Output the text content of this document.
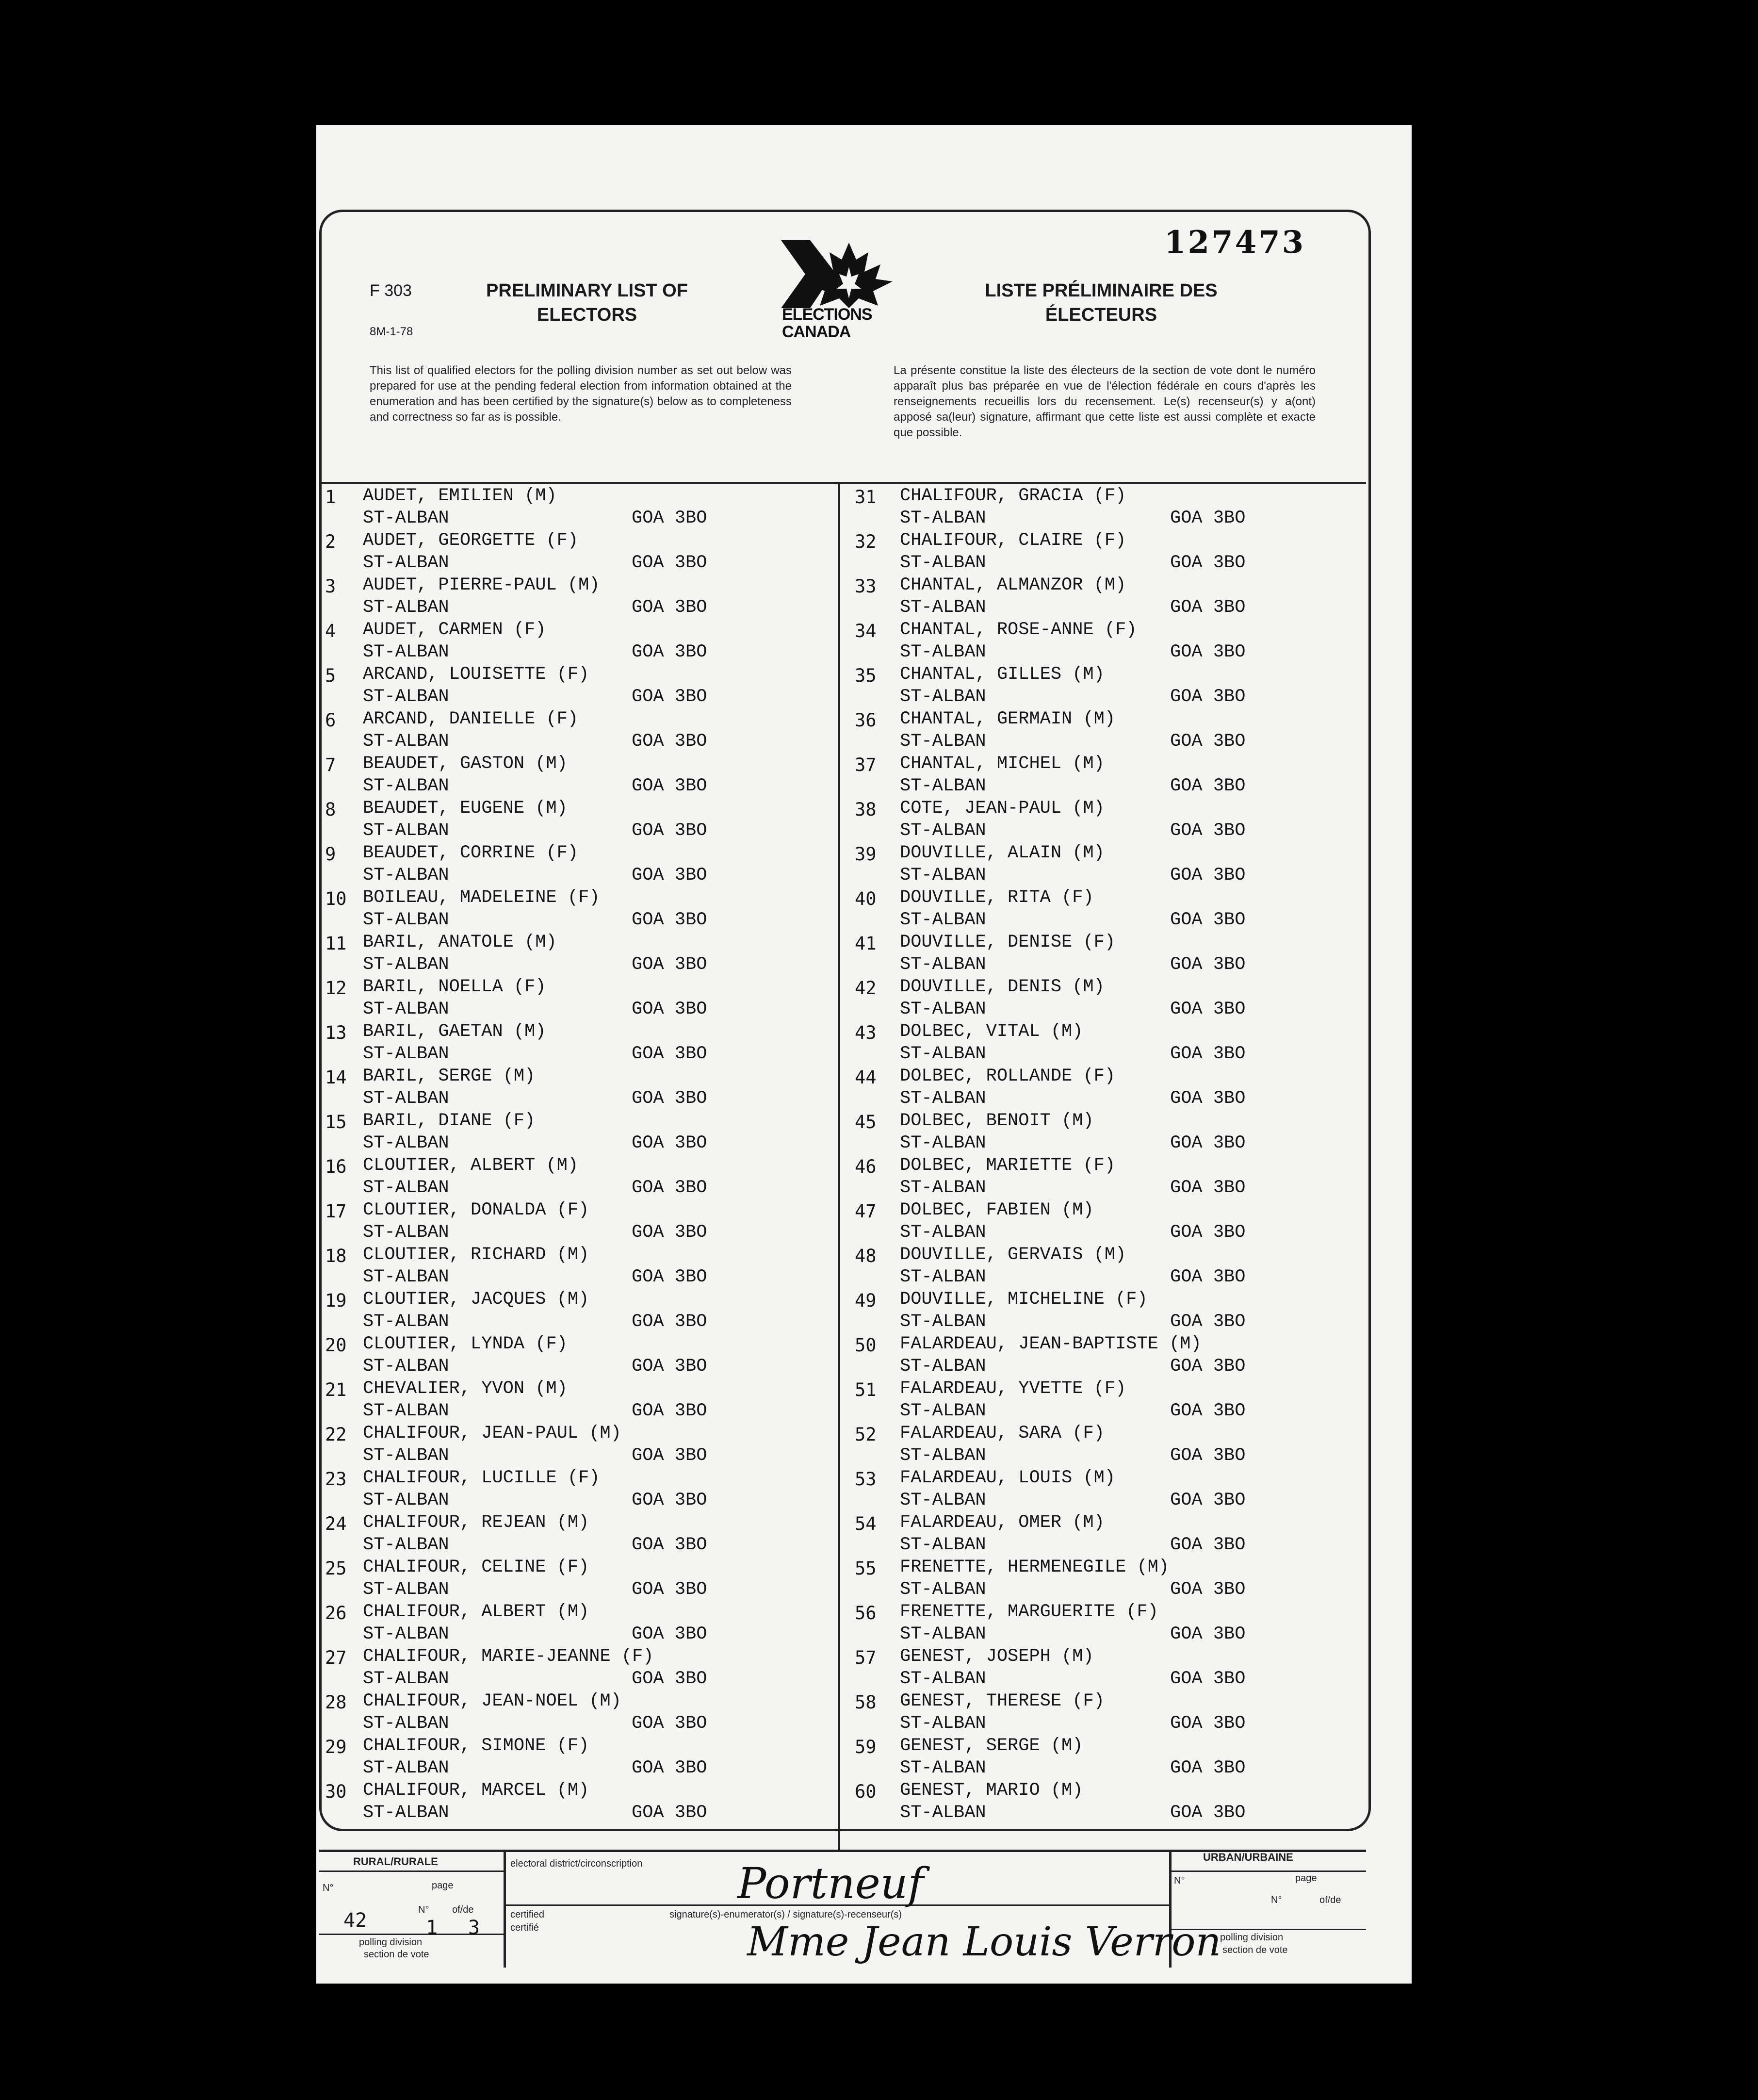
F 303
8M-1-78
PRELIMINARY LIST OF ELECTORS
LISTE PRÉLIMINAIRE DES ÉLECTEURS
ELECTIONS CANADA
127473
This list of qualified electors for the polling division number as set out below was prepared for use at the pending federal election from information obtained at the enumeration and has been certified by the signature(s) below as to completeness and correctness so far as is possible.
La présente constitue la liste des électeurs de la section de vote dont le numéro apparaît plus bas préparée en vue de l'élection fédérale en cours d'après les renseignements recueillis lors du recensement. Le(s) recenseur(s) y a(ont) apposé sa(leur) signature, affirmant que cette liste est aussi complète et exacte que possible.
1 AUDET, EMILIEN (M)
ST-ALBAN	GOA 3BO
2 AUDET, GEORGETTE (F)
ST-ALBAN	GOA 3BO
3 AUDET, PIERRE-PAUL (M)
ST-ALBAN	GOA 3BO
4 AUDET, CARMEN (F)
ST-ALBAN	GOA 3BO
5 ARCAND, LOUISETTE (F)
ST-ALBAN	GOA 3BO
6 ARCAND, DANIELLE (F)
ST-ALBAN	GOA 3BO
7 BEAUDET, GASTON (M)
ST-ALBAN	GOA 3BO
8 BEAUDET, EUGENE (M)
ST-ALBAN	GOA 3BO
9 BEAUDET, CORRINE (F)
ST-ALBAN	GOA 3BO
10 BOILEAU, MADELEINE (F)
ST-ALBAN	GOA 3BO
11 BARIL, ANATOLE (M)
ST-ALBAN	GOA 3BO
12 BARIL, NOELLA (F)
ST-ALBAN	GOA 3BO
13 BARIL, GAETAN (M)
ST-ALBAN	GOA 3BO
14 BARIL, SERGE (M)
ST-ALBAN	GOA 3BO
15 BARIL, DIANE (F)
ST-ALBAN	GOA 3BO
16 CLOUTIER, ALBERT (M)
ST-ALBAN	GOA 3BO
17 CLOUTIER, DONALDA (F)
ST-ALBAN	GOA 3BO
18 CLOUTIER, RICHARD (M)
ST-ALBAN	GOA 3BO
19 CLOUTIER, JACQUES (M)
ST-ALBAN	GOA 3BO
20 CLOUTIER, LYNDA (F)
ST-ALBAN	GOA 3BO
21 CHEVALIER, YVON (M)
ST-ALBAN	GOA 3BO
22 CHALIFOUR, JEAN-PAUL (M)
ST-ALBAN	GOA 3BO
23 CHALIFOUR, LUCILLE (F)
ST-ALBAN	GOA 3BO
24 CHALIFOUR, REJEAN (M)
ST-ALBAN	GOA 3BO
25 CHALIFOUR, CELINE (F)
ST-ALBAN	GOA 3BO
26 CHALIFOUR, ALBERT (M)
ST-ALBAN	GOA 3BO
27 CHALIFOUR, MARIE-JEANNE (F)
ST-ALBAN	GOA 3BO
28 CHALIFOUR, JEAN-NOEL (M)
ST-ALBAN	GOA 3BO
29 CHALIFOUR, SIMONE (F)
ST-ALBAN	GOA 3BO
30 CHALIFOUR, MARCEL (M)
ST-ALBAN	GOA 3BO
31 CHALIFOUR, GRACIA (F)
ST-ALBAN	GOA 3BO
32 CHALIFOUR, CLAIRE (F)
ST-ALBAN	GOA 3BO
33 CHANTAL, ALMANZOR (M)
ST-ALBAN	GOA 3BO
34 CHANTAL, ROSE-ANNE (F)
ST-ALBAN	GOA 3BO
35 CHANTAL, GILLES (M)
ST-ALBAN	GOA 3BO
36 CHANTAL, GERMAIN (M)
ST-ALBAN	GOA 3BO
37 CHANTAL, MICHEL (M)
ST-ALBAN	GOA 3BO
38 COTE, JEAN-PAUL (M)
ST-ALBAN	GOA 3BO
39 DOUVILLE, ALAIN (M)
ST-ALBAN	GOA 3BO
40 DOUVILLE, RITA (F)
ST-ALBAN	GOA 3BO
41 DOUVILLE, DENISE (F)
ST-ALBAN	GOA 3BO
42 DOUVILLE, DENIS (M)
ST-ALBAN	GOA 3BO
43 DOLBEC, VITAL (M)
ST-ALBAN	GOA 3BO
44 DOLBEC, ROLLANDE (F)
ST-ALBAN	GOA 3BO
45 DOLBEC, BENOIT (M)
ST-ALBAN	GOA 3BO
46 DOLBEC, MARIETTE (F)
ST-ALBAN	GOA 3BO
47 DOLBEC, FABIEN (M)
ST-ALBAN	GOA 3BO
48 DOUVILLE, GERVAIS (M)
ST-ALBAN	GOA 3BO
49 DOUVILLE, MICHELINE (F)
ST-ALBAN	GOA 3BO
50 FALARDEAU, JEAN-BAPTISTE (M)
ST-ALBAN	GOA 3BO
51 FALARDEAU, YVETTE (F)
ST-ALBAN	GOA 3BO
52 FALARDEAU, SARA (F)
ST-ALBAN	GOA 3BO
53 FALARDEAU, LOUIS (M)
ST-ALBAN	GOA 3BO
54 FALARDEAU, OMER (M)
ST-ALBAN	GOA 3BO
55 FRENETTE, HERMENEGILE (M)
ST-ALBAN	GOA 3BO
56 FRENETTE, MARGUERITE (F)
ST-ALBAN	GOA 3BO
57 GENEST, JOSEPH (M)
ST-ALBAN	GOA 3BO
58 GENEST, THERESE (F)
ST-ALBAN	GOA 3BO
59 GENEST, SERGE (M)
ST-ALBAN	GOA 3BO
60 GENEST, MARIO (M)
ST-ALBAN	GOA 3BO
RURAL/RURALE
N°	page
N° of/de
42	1 3
polling division
section de vote
electoral district/circonscription Portneuf
certified
certifié
signature(s)-enumerator(s) / signature(s)-recenseur(s)
Mme Jean Louis Verron
URBAN/URBAINE
N°	page
N°	of/de
polling division
section de vote
